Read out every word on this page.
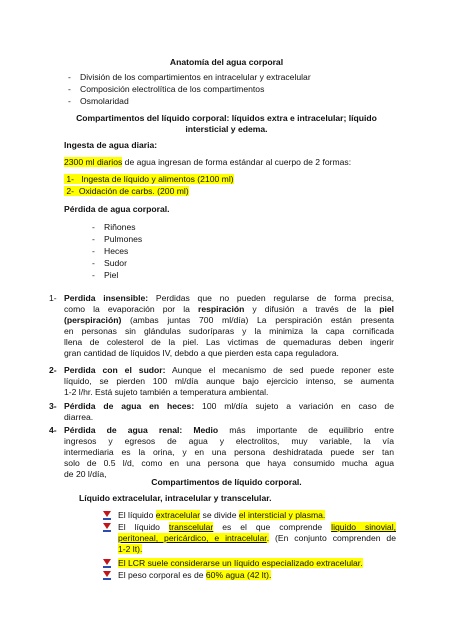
Anatomía del agua corporal
- División de los compartimientos en intracelular y extracelular
- Composición electrolítica de los compartimentos
- Osmolaridad
Compartimentos del líquido corporal: líquidos extra e intracelular; líquido
intersticial y edema.
Ingesta de agua diaria:
2300 ml diarios de agua ingresan de forma estándar al cuerpo de 2 formas:
1- Ingesta de líquido y alimentos (2100 ml)
2- Oxidación de carbs. (200 ml)
Pérdida de agua corporal.
- Riñones
- Pulmones
- Heces
- Sudor
- Piel
1- Perdida insensible: Perdidas que no pueden regularse de forma precisa,
como la evaporación por la respiración y difusión a través de la piel
(perspiración) (ambas juntas 700 ml/día) La perspiración están presenta
en personas sin glándulas sudoríparas y la minimiza la capa cornificada
llena de colesterol de la piel. Las victimas de quemaduras deben ingerir
gran cantidad de líquidos IV, debdo a que pierden esta capa reguladora.
2- Perdida con el sudor: Aunque el mecanismo de sed puede reponer este
líquido, se pierden 100 ml/día aunque bajo ejercicio intenso, se aumenta
1-2 l/hr. Está sujeto también a temperatura ambiental.
3- Pérdida de agua en heces: 100 ml/día sujeto a variación en caso de
diarrea.
4- Pérdida de agua renal: Medio más importante de equilibrio entre
ingresos y egresos de agua y electrolitos, muy variable, la vía
intermediaria es la orina, y en una persona deshidratada puede ser tan
solo de 0.5 l/d, como en una persona que haya consumido mucha agua
de 20 l/día,
Compartimentos de líquido corporal.
Líquido extracelular, intracelular y transcelular.
El líquido extracelular se divide el intersticial y plasma.
El líquido transcelular es el que comprende liquido sinovial,
peritoneal, pericárdico, e intracelular. (En conjunto comprenden de
1-2 lt).
El LCR suele considerarse un líquido especializado extracelular.
El peso corporal es de 60% agua (42 lt).
